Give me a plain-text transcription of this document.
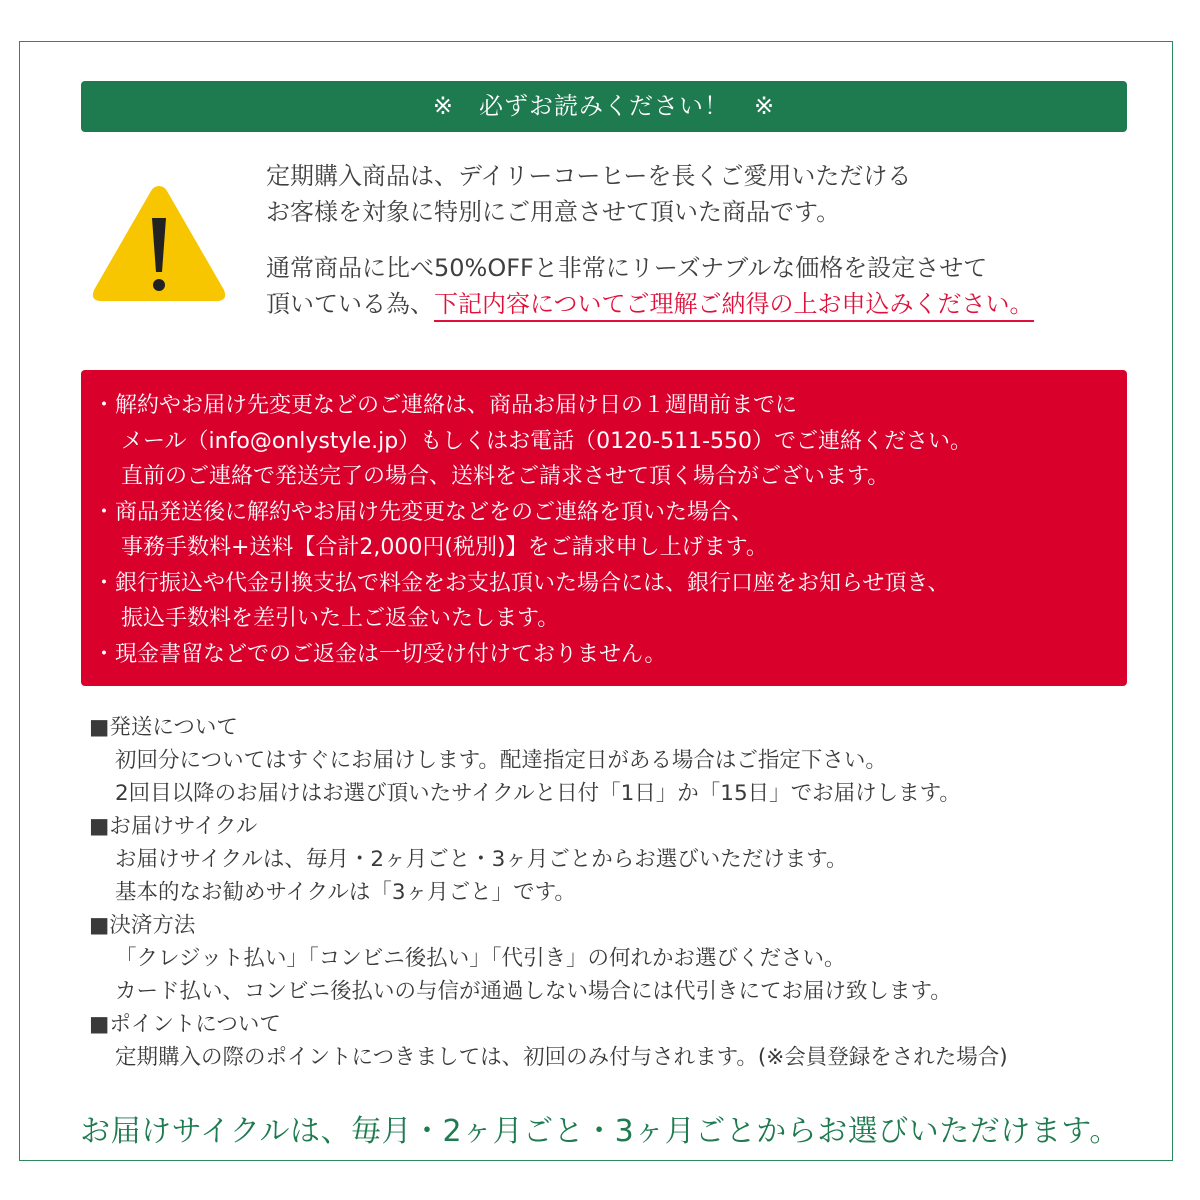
※　必ずお読みください！　※

定期購入商品は、デイリーコーヒーを長くご愛用いただける

お客様を対象に特別にご用意させて頂いた商品です。

通常商品に比べ50%OFFと非常にリーズナブルな価格を設定させて
頂いている為、下記内容についてご理解ご納得の上お申込みください。

・解約やお届け先変更などのご連絡は、商品お届け日の１週間前までに
メール（info@onlystyle.jp）もしくはお電話（0120-511-550）でご連絡ください。
直前のご連絡で発送完了の場合、送料をご請求させて頂く場合がございます。
・商品発送後に解約やお届け先変更などをのご連絡を頂いた場合、
事務手数料+送料【合計2,000円(税別)】をご請求申し上げます。
・銀行振込や代金引換支払で料金をお支払頂いた場合には、銀行口座をお知らせ頂き、
振込手数料を差引いた上ご返金いたします。
・現金書留などでのご返金は一切受け付けておりません。
■発送について
初回分についてはすぐにお届けします。配達指定日がある場合はご指定下さい。
2回目以降のお届けはお選び頂いたサイクルと日付「1日」か「15日」でお届けします。
■お届けサイクル
お届けサイクルは、毎月・2ヶ月ごと・3ヶ月ごとからお選びいただけます。
基本的なお勧めサイクルは「3ヶ月ごと」です。
■決済方法
「クレジット払い」「コンビニ後払い」「代引き」の何れかお選びください。
カード払い、コンビニ後払いの与信が通過しない場合には代引きにてお届け致します。
■ポイントについて
定期購入の際のポイントにつきましては、初回のみ付与されます。(※会員登録をされた場合)
お届けサイクルは、毎月・2ヶ月ごと・3ヶ月ごとからお選びいただけます。
